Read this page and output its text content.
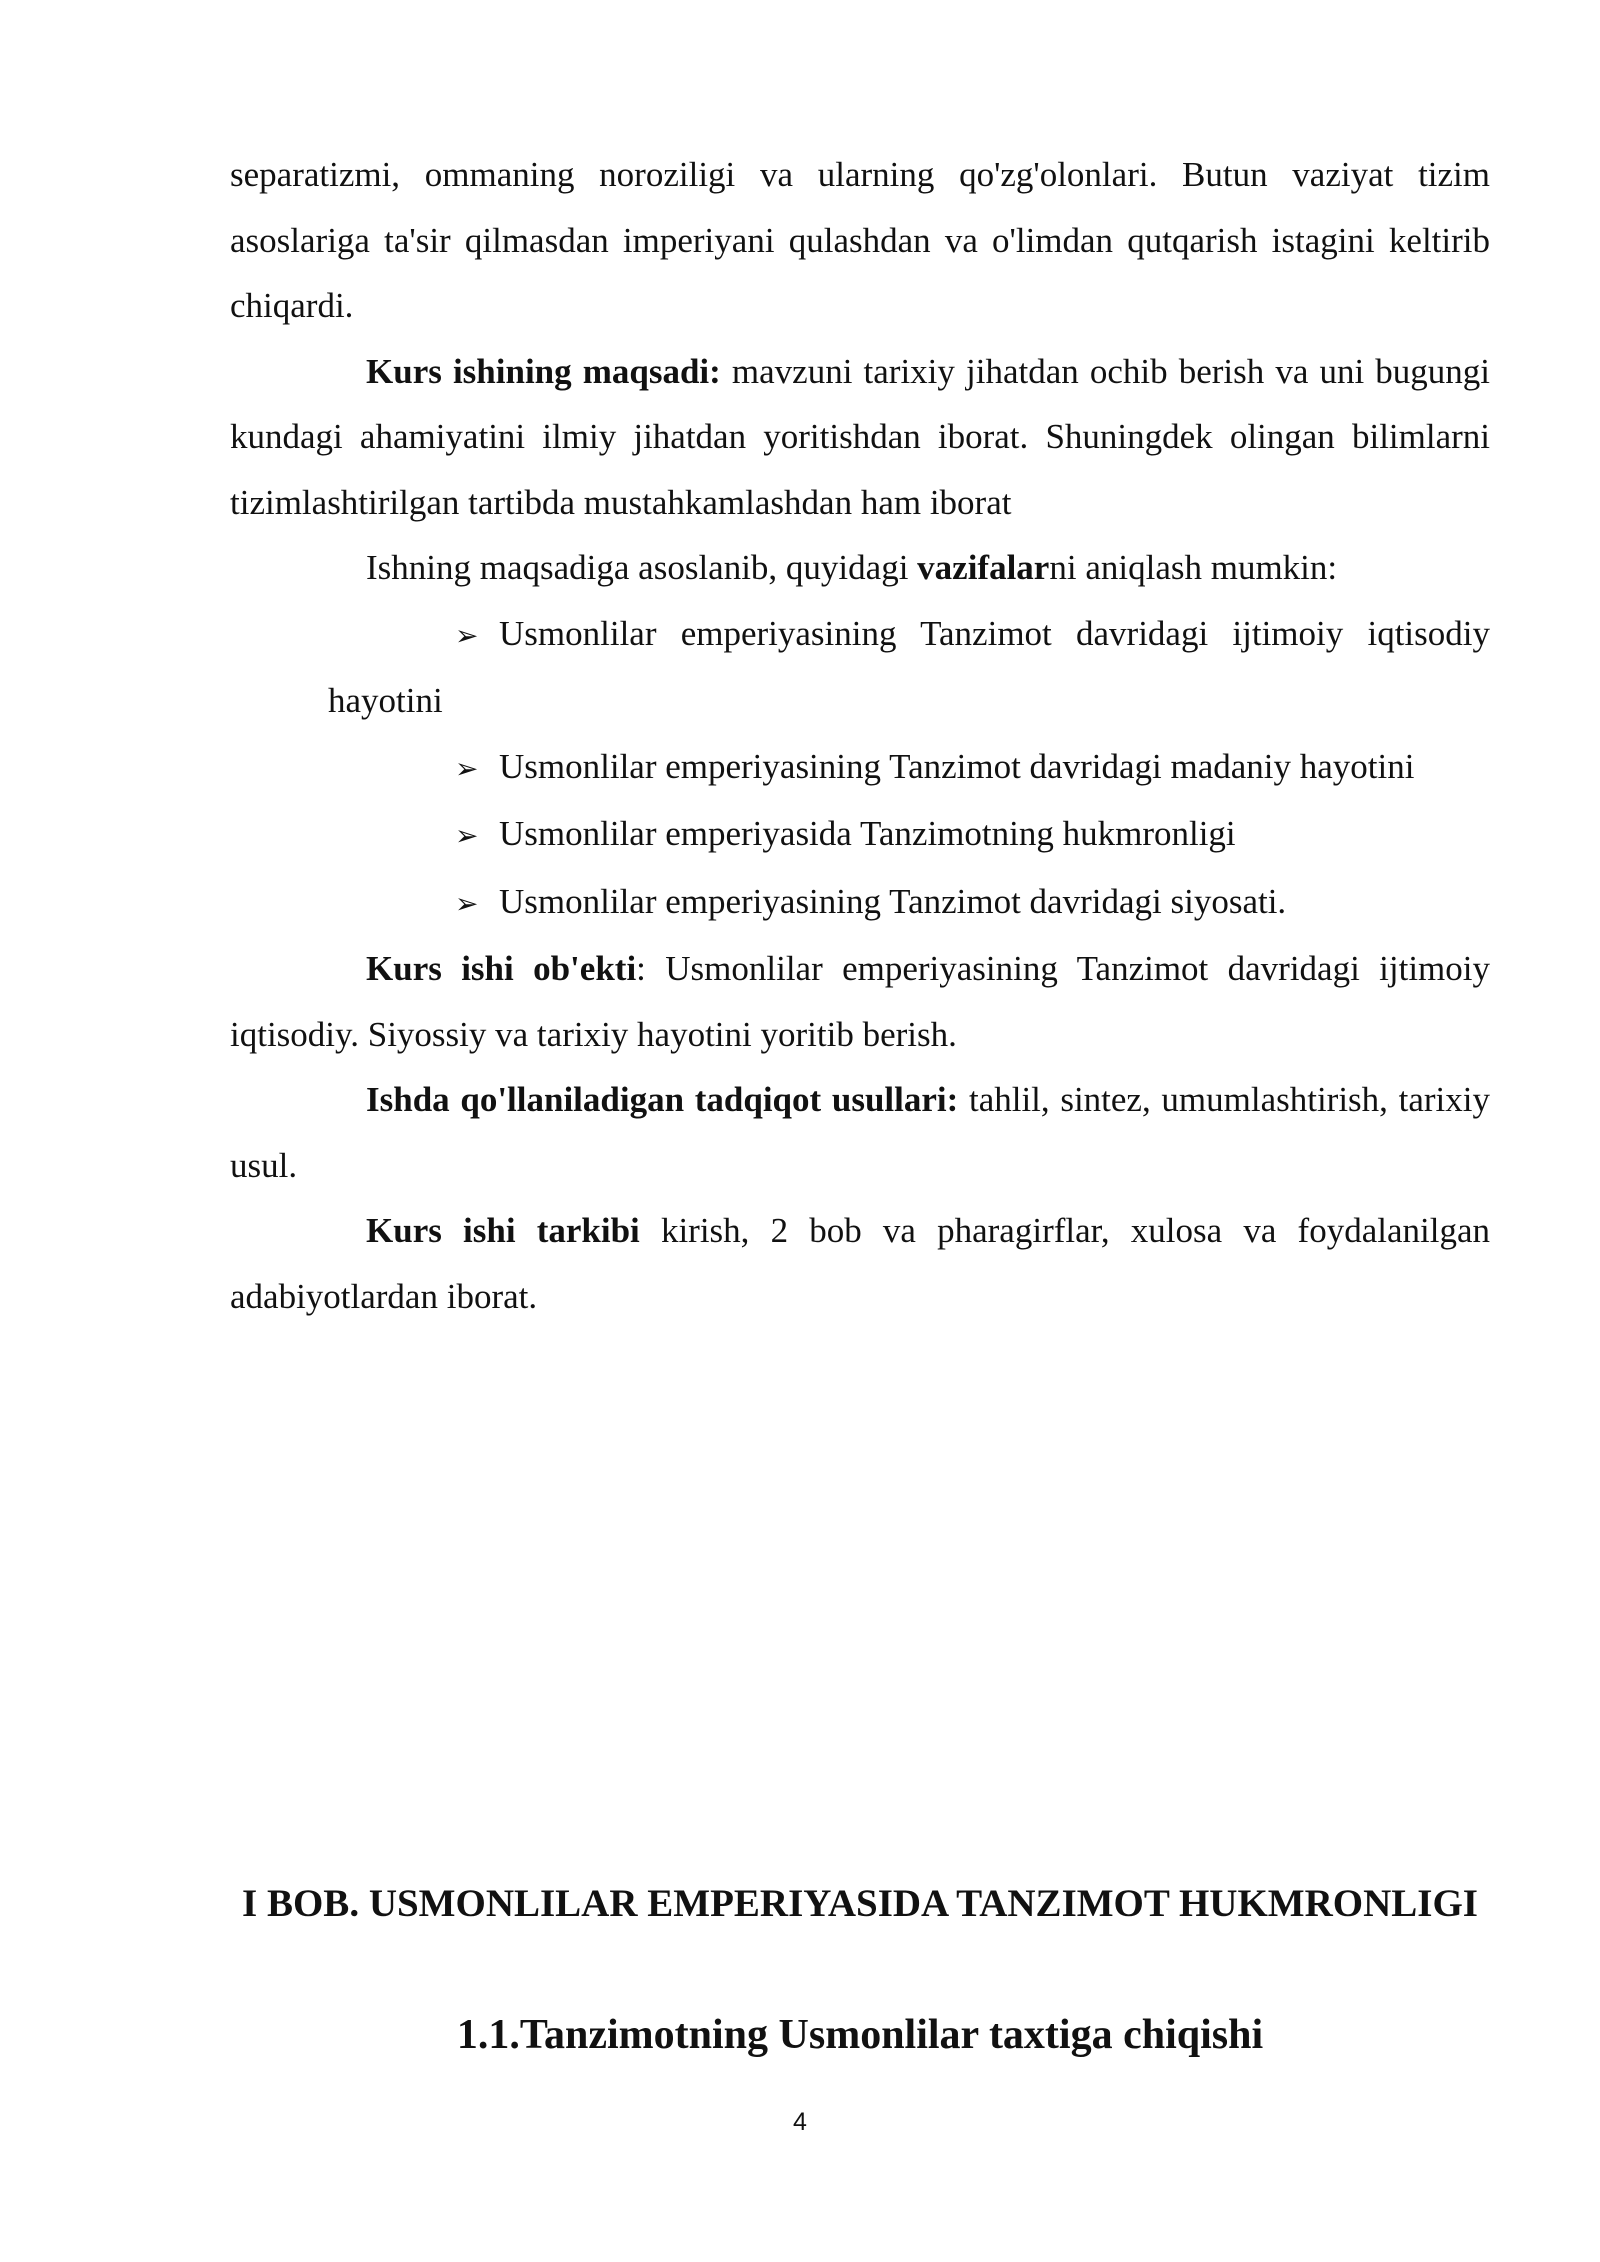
separatizmi, ommaning noroziligi va ularning qo'zg'olonlari. Butun vaziyat tizim asoslariga ta'sir qilmasdan imperiyani qulashdan va o'limdan qutqarish istagini keltirib chiqardi.

Kurs ishining maqsadi: mavzuni tarixiy jihatdan ochib berish va uni bugungi kundagi ahamiyatini ilmiy jihatdan yoritishdan iborat. Shuningdek olingan bilimlarni tizimlashtirilgan tartibda mustahkamlashdan ham iborat

Ishning maqsadiga asoslanib, quyidagi vazifalarni aniqlash mumkin:

➢ Usmonlilar emperiyasining Tanzimot davridagi ijtimoiy iqtisodiy hayotini

➢ Usmonlilar emperiyasining Tanzimot davridagi madaniy hayotini

➢ Usmonlilar emperiyasida Tanzimotning hukmronligi

➢ Usmonlilar emperiyasining Tanzimot davridagi siyosati.

Kurs ishi ob'ekti: Usmonlilar emperiyasining Tanzimot davridagi ijtimoiy iqtisodiy. Siyossiy va tarixiy hayotini yoritib berish.

Ishda qo'llaniladigan tadqiqot usullari: tahlil, sintez, umumlashtirish, tarixiy usul.

Kurs ishi tarkibi kirish, 2 bob va pharagirflar, xulosa va foydalanilgan adabiyotlardan iborat.

I BOB. USMONLILAR EMPERIYASIDA TANZIMOT HUKMRONLIGI
1.1.Tanzimotning Usmonlilar taxtiga chiqishi
4
